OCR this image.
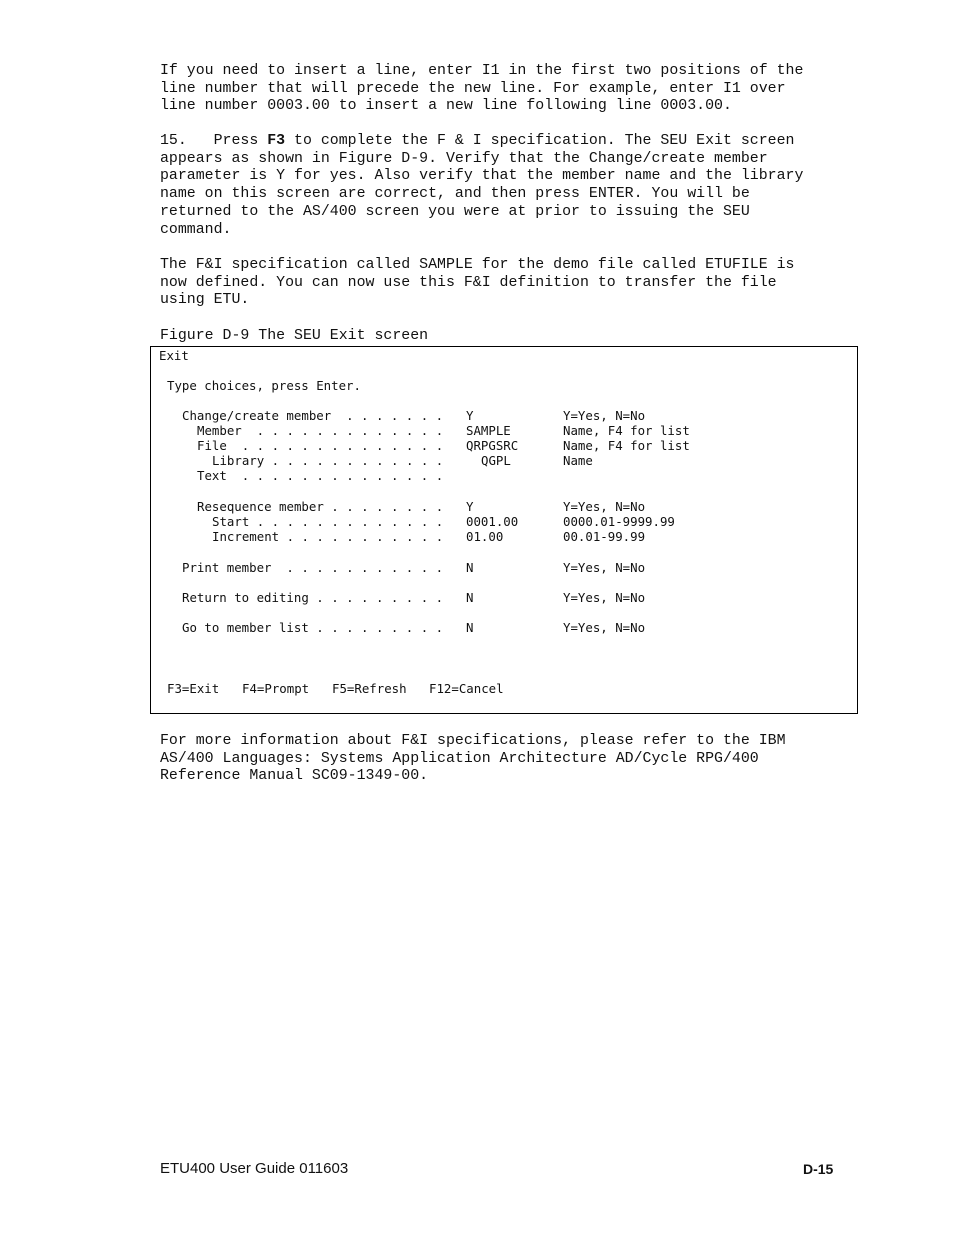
If you need to insert a line, enter I1 in the first two positions of the
line number that will precede the new line. For example, enter I1 over
line number 0003.00 to insert a new line following line 0003.00.
15.   Press F3 to complete the F & I specification. The SEU Exit screen
appears as shown in Figure D-9. Verify that the Change/create member
parameter is Y for yes. Also verify that the member name and the library
name on this screen are correct, and then press ENTER. You will be
returned to the AS/400 screen you were at prior to issuing the SEU
command.
The F&I specification called SAMPLE for the demo file called ETUFILE is
now defined. You can now use this F&I definition to transfer the file
using ETU.
Figure D-9 The SEU Exit screen
Exit
Type choices, press Enter.
Change/create member  . . . . . . . Y	Y=Yes, N=No
Member  . . . . . . . . . . . . . SAMPLE	Name, F4 for list
File  . . . . . . . . . . . . . . QRPGSRC	Name, F4 for list
Library . . . . . . . . . . . .	QGPL	Name
Text  . . . . . . . . . . . . . .
Resequence member . . . . . . . . Y	Y=Yes, N=No
Start . . . . . . . . . . . . . 0001.00	0000.01-9999.99
Increment . . . . . . . . . . . 01.00	00.01-99.99
Print member  . . . . . . . . . . . N	Y=Yes, N=No
Return to editing . . . . . . . . . N	Y=Yes, N=No
Go to member list . . . . . . . . . N	Y=Yes, N=No
F3=Exit F4=Prompt F5=Refresh F12=Cancel
For more information about F&I specifications, please refer to the IBM
AS/400 Languages: Systems Application Architecture AD/Cycle RPG/400
Reference Manual SC09-1349-00.
ETU400 User Guide 011603	D-15
